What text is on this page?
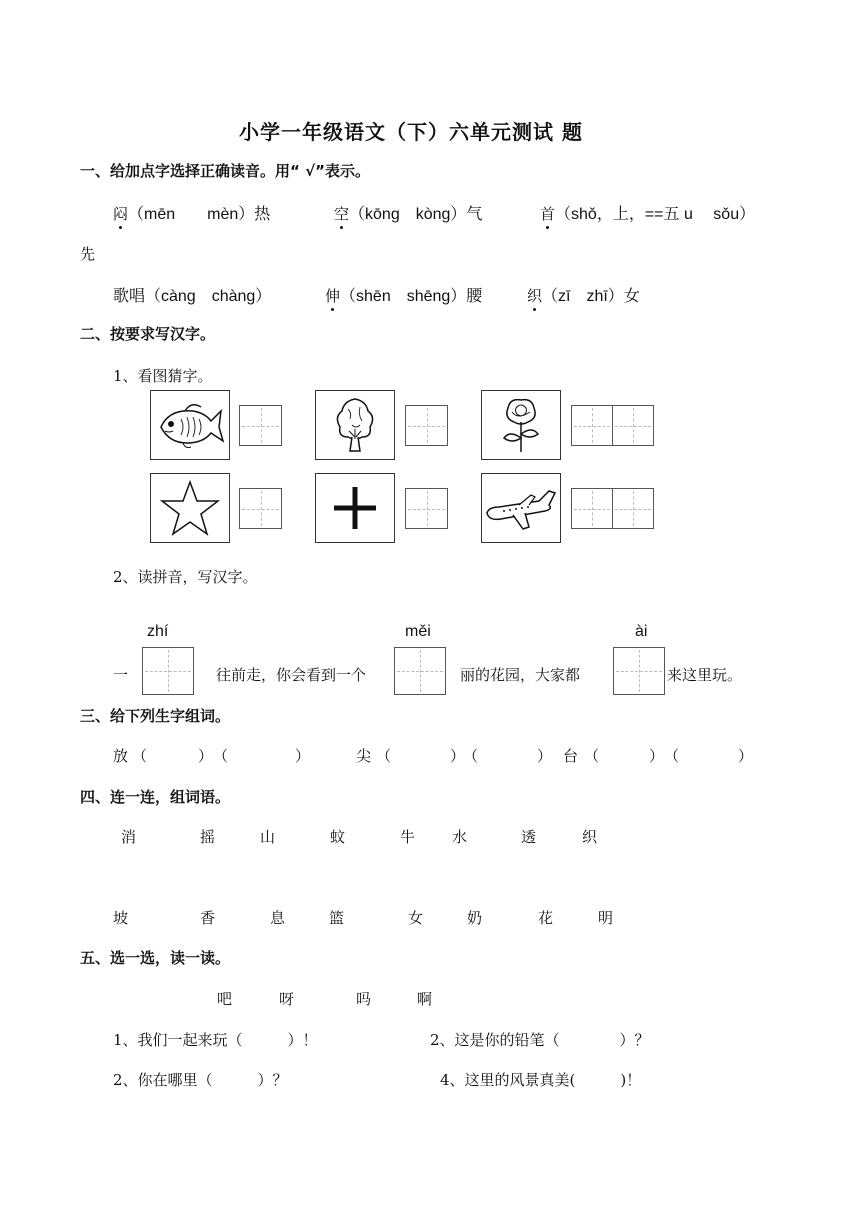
小学一年级语文（下）六单元测试 题
一、给加点字选择正确读音。用“ √”表示。
闷（mēn　　mèn）热	空（kōng　kòng）气	首（shǒ，上，==五 u　 sǒu）
先
歌唱（càng　chàng）	伸（shēn　shēng）腰	织（zī　zhī）女
二、按要求写汉字。
1、看图猜字。
2、读拼音，写汉字。
zhí	měi	ài
一	往前走，你会看到一个	丽的花园，大家都	来这里玩。
三、给下列生字组词。
放 （	） （	）	尖 （	）
（	） 台 （	） （	）
四、连一连，组词语。
消	摇	山	蚊	牛 水	透	织
坡	香	息	篮	女	奶	花	明
五、选一选，读一读。
吧	呀	吗	啊
1、我们一起来玩（　　　）！	2、这是你的铅笔（　　　　）？
2、你在哪里（　　　）？	4、这里的风景真美(　　　)！
